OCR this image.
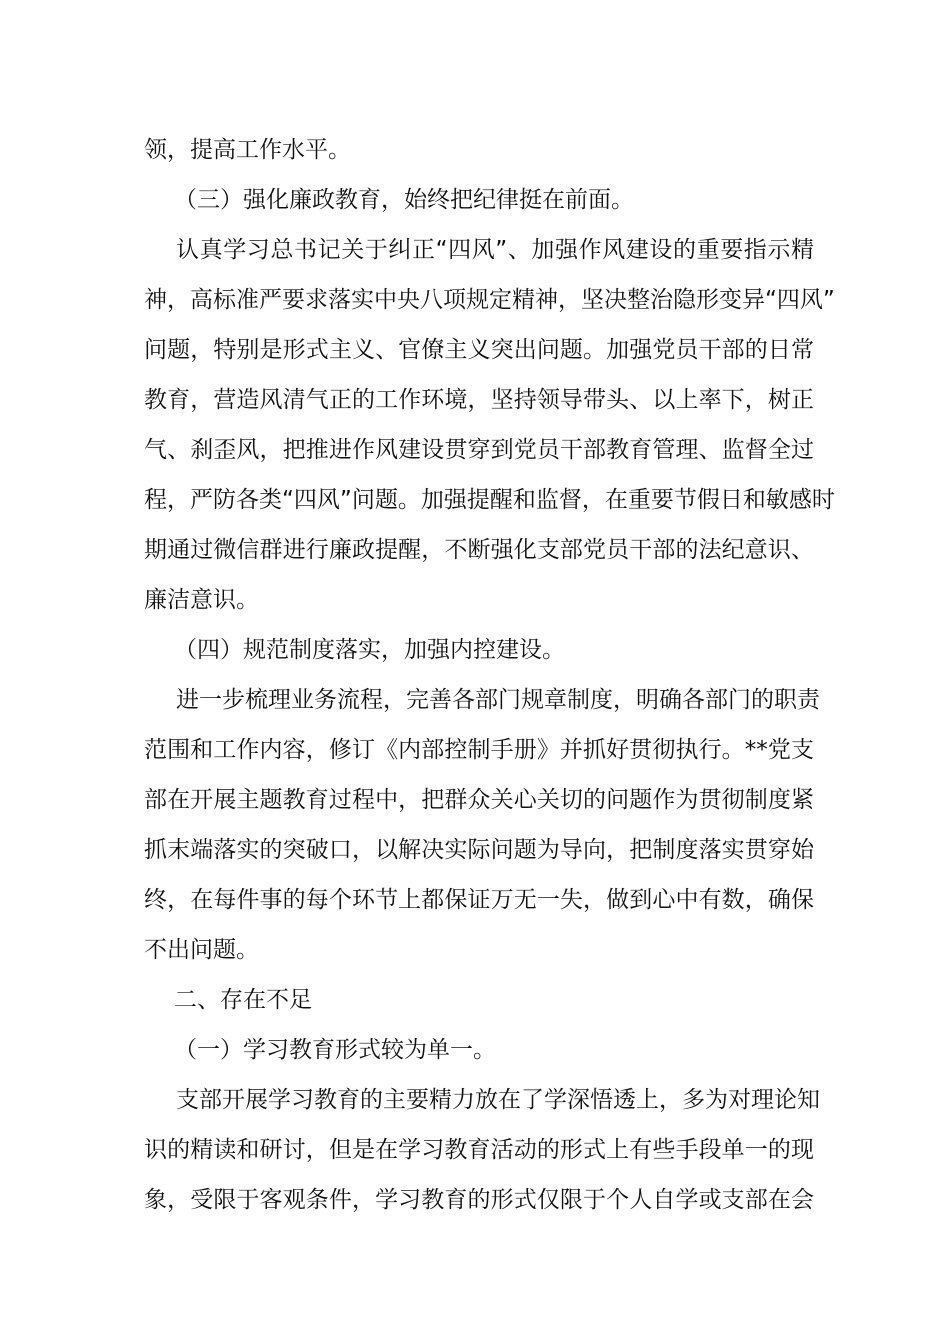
领，提高工作水平。
（三）强化廉政教育，始终把纪律挺在前面。
认真学习总书记关于纠正“四风”、加强作风建设的重要指示精
神，高标准严要求落实中央八项规定精神，坚决整治隐形变异“四风”
问题，特别是形式主义、官僚主义突出问题。加强党员干部的日常
教育，营造风清气正的工作环境，坚持领导带头、以上率下，树正
气、刹歪风，把推进作风建设贯穿到党员干部教育管理、监督全过
程，严防各类“四风”问题。加强提醒和监督，在重要节假日和敏感时
期通过微信群进行廉政提醒，不断强化支部党员干部的法纪意识、
廉洁意识。
（四）规范制度落实，加强内控建设。
进一步梳理业务流程，完善各部门规章制度，明确各部门的职责
范围和工作内容，修订《内部控制手册》并抓好贯彻执行。**党支
部在开展主题教育过程中，把群众关心关切的问题作为贯彻制度紧
抓末端落实的突破口，以解决实际问题为导向，把制度落实贯穿始
终，在每件事的每个环节上都保证万无一失，做到心中有数，确保
不出问题。
二、存在不足
（一）学习教育形式较为单一。
支部开展学习教育的主要精力放在了学深悟透上，多为对理论知
识的精读和研讨，但是在学习教育活动的形式上有些手段单一的现
象，受限于客观条件，学习教育的形式仅限于个人自学或支部在会
